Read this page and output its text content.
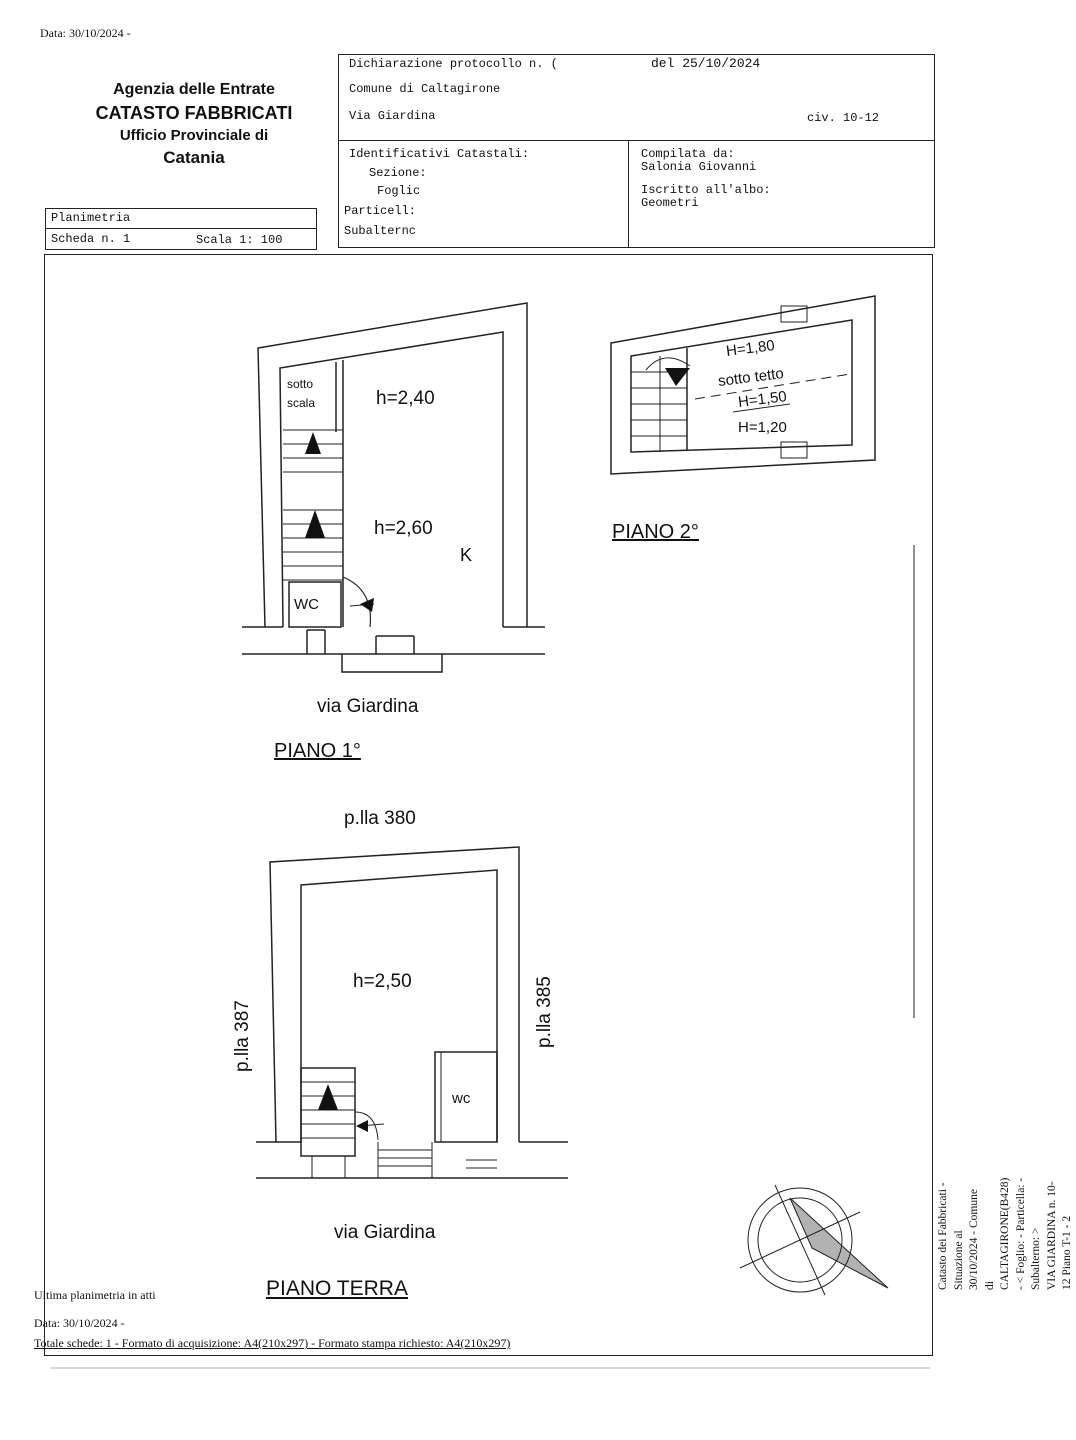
Data: 30/10/2024 -
Agenzia delle Entrate
CATASTO FABBRICATI
Ufficio Provinciale di
Catania
Planimetria
Scheda n. 1	Scala 1: 100
Dichiarazione protocollo n. (	del 25/10/2024
Comune di Caltagirone
Via Giardina	civ. 10-12
Identificativi Catastali:
Sezione:
Foglic
Particell:
Subalternc
Compilata da:
Salonia Giovanni
Iscritto all'albo:
Geometri
sotto
scala	h=2,40
h=2,60
K
WC
via Giardina
PIANO 1°
H=1,80
sotto tetto
H=1,50
H=1,20
PIANO 2°
p.lla 380
p.lla 387	p.lla 385
h=2,50
wc
via Giardina
PIANO TERRA
Ultima planimetria in atti
Data: 30/10/2024 -
Totale schede: 1 - Formato di acquisizione: A4(210x297) - Formato stampa richiesto: A4(210x297)
Catasto dei Fabbricati - Situazione al 30/10/2024 - Comune di CALTAGIRONE(B428) - < Foglio: - Particella: - Subalterno: > VIA GIARDINA n. 10-12 Piano T-1 - 2
